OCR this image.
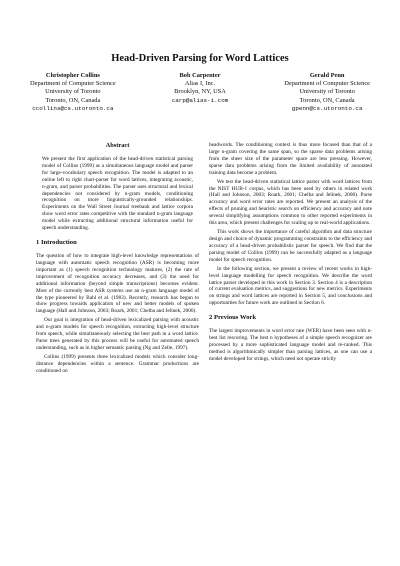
Head-Driven Parsing for Word Lattices
Christopher Collins
Department of Computer Science
University of Toronto
Toronto, ON, Canada
ccollins@cs.utoronto.ca
Bob Carpenter
Alias I, Inc.
Brooklyn, NY, USA
carp@alias-i.com
Gerald Penn
Department of Computer Science
University of Toronto
Toronto, ON, Canada
gpenn@cs.utoronto.ca
Abstract

We present the first application of the head-driven statistical parsing model of Collins (1999) as a simultaneous language model and parser for large-vocabulary speech recognition. The model is adapted to an online left to right chart-parser for word lattices, integrating acoustic, n-gram, and parser probabilities. The parser uses structural and lexical dependencies not considered by n-gram models, conditioning recognition on more linguistically-grounded relationships. Experiments on the Wall Street Journal treebank and lattice corpora show word error rates competitive with the standard n-gram language model while extracting additional structural information useful for speech understanding.

1 Introduction

The question of how to integrate high-level knowledge representations of language with automatic speech recognition (ASR) is becoming more important as (1) speech recognition technology matures, (2) the rate of improvement of recognition accuracy decreases, and (3) the need for additional information (beyond simple transcriptions) becomes evident. Most of the currently best ASR systems use an n-gram language model of the type pioneered by Bahl et al. (1983). Recently, research has begun to show progress towards application of new and better models of spoken language (Hall and Johnson, 2003; Roark, 2001; Chelba and Jelinek, 2000).

Our goal is integration of head-driven lexicalized parsing with acoustic and n-gram models for speech recognition, extracting high-level structure from speech, while simultaneously selecting the best path in a word lattice. Parse trees generated by this process will be useful for automated speech understanding, such as in higher semantic parsing (Ng and Zelle, 1997).

Collins (1999) presents three lexicalized models which consider long-distance dependencies within a sentence. Grammar productions are conditioned on

headwords. The conditioning context is thus more focused than that of a large n-gram covering the same span, so the sparse data problems arising from the sheer size of the parameter space are less pressing. However, sparse data problems arising from the limited availability of annotated training data become a problem.

We test the head-driven statistical lattice parser with word lattices from the NIST HUB-1 corpus, which has been used by others in related work (Hall and Johnson, 2003; Roark, 2001; Chelba and Jelinek, 2000). Parse accuracy and word error rates are reported. We present an analysis of the effects of pruning and heuristic search on efficiency and accuracy and note several simplifying assumptions common to other reported experiments in this area, which present challenges for scaling up to real-world applications.

This work shows the importance of careful algorithm and data structure design and choice of dynamic programming constraints to the efficiency and accuracy of a head-driven probabilistic parser for speech. We find that the parsing model of Collins (1999) can be successfully adapted as a language model for speech recognition.

In the following section, we present a review of recent works in high-level language modelling for speech recognition. We describe the word lattice parser developed in this work in Section 3. Section 4 is a description of current evaluation metrics, and suggestions for new metrics. Experiments on strings and word lattices are reported in Section 5, and conclusions and opportunities for future work are outlined in Section 6.

2 Previous Work

The largest improvements in word error rate (WER) have been seen with n-best list rescoring. The best n hypotheses of a simple speech recognizer are processed by a more sophisticated language model and re-ranked. This method is algorithmically simpler than parsing lattices, as one can use a model developed for strings, which need not operate strictly
